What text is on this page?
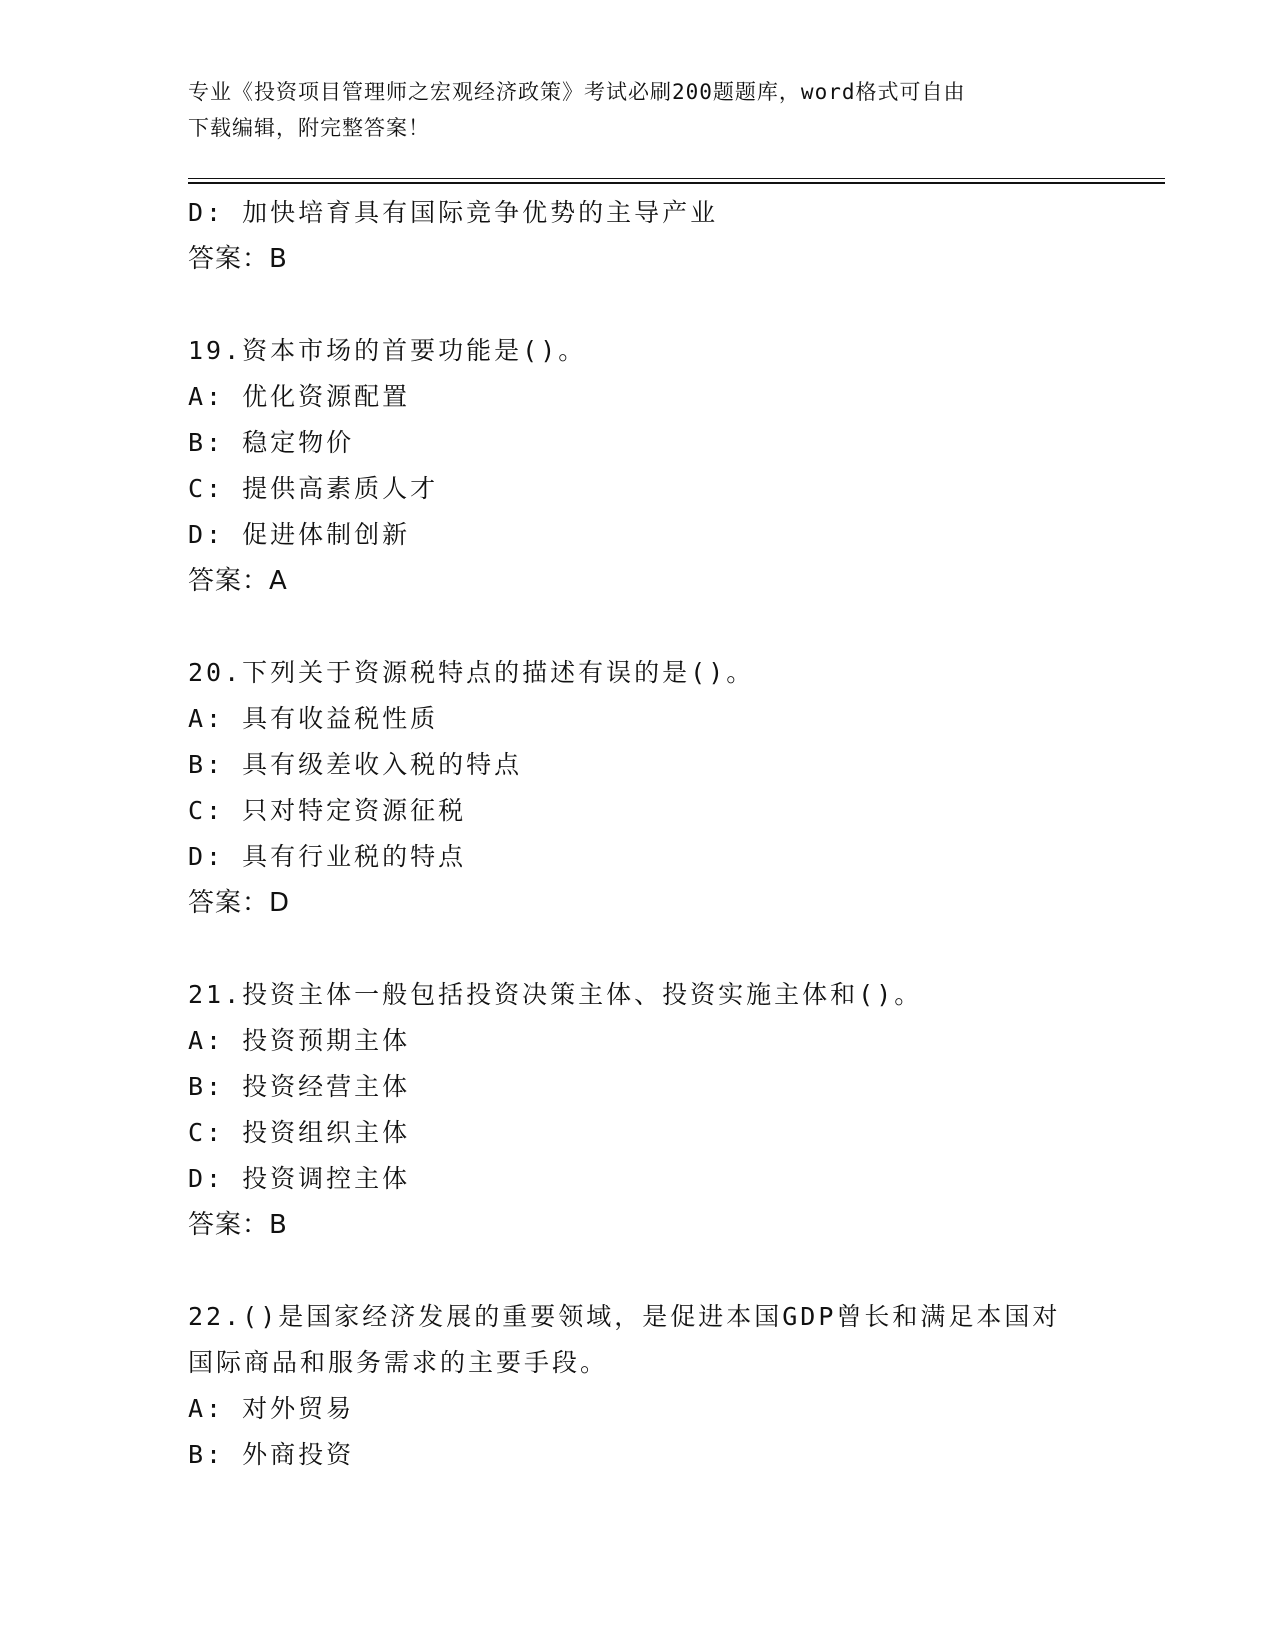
专业《投资项目管理师之宏观经济政策》考试必刷200题题库，word格式可自由
下载编辑，附完整答案！
D: 加快培育具有国际竞争优势的主导产业
答案：B
19.资本市场的首要功能是()。
A: 优化资源配置
B: 稳定物价
C: 提供高素质人才
D: 促进体制创新
答案：A
20.下列关于资源税特点的描述有误的是()。
A: 具有收益税性质
B: 具有级差收入税的特点
C: 只对特定资源征税
D: 具有行业税的特点
答案：D
21.投资主体一般包括投资决策主体、投资实施主体和()。
A: 投资预期主体
B: 投资经营主体
C: 投资组织主体
D: 投资调控主体
答案：B
22.()是国家经济发展的重要领域，是促进本国GDP曾长和满足本国对
国际商品和服务需求的主要手段。
A: 对外贸易
B: 外商投资
